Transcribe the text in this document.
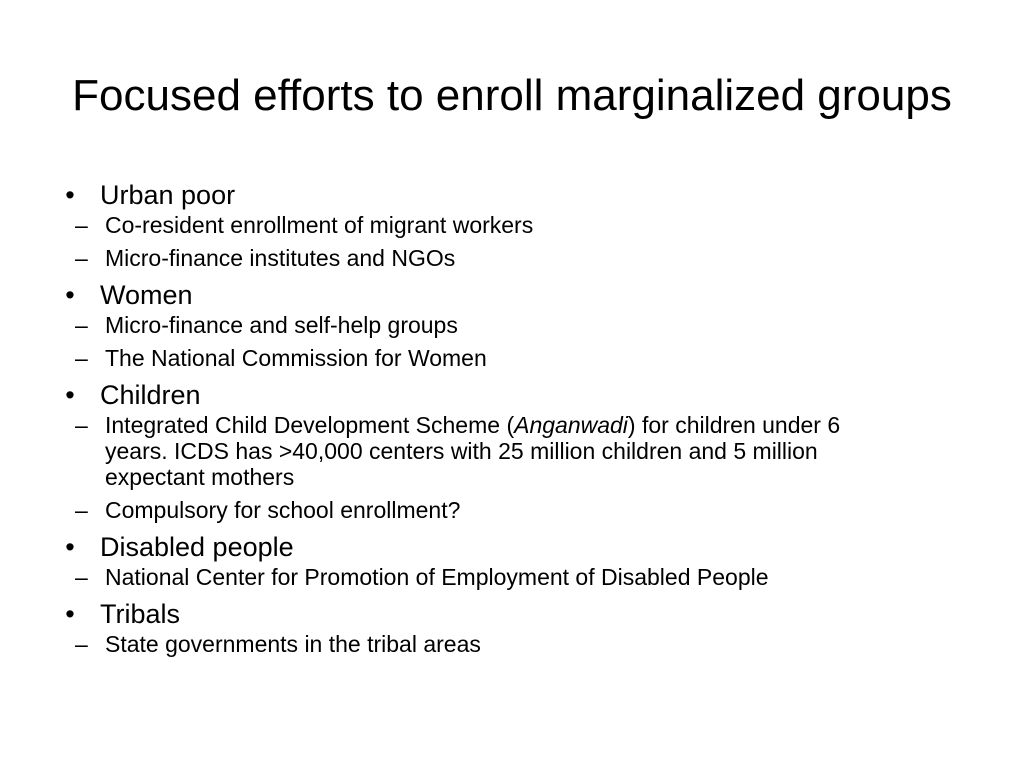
Focused efforts to enroll marginalized groups
• Urban poor
– Co-resident enrollment of migrant workers
– Micro-finance institutes and NGOs
• Women
– Micro-finance and self-help groups
– The National Commission for Women
• Children
– Integrated Child Development Scheme (Anganwadi) for children under 6 years. ICDS has >40,000 centers with 25 million children and 5 million expectant mothers
– Compulsory for school enrollment?
• Disabled people
– National Center for Promotion of Employment of Disabled People
• Tribals
– State governments in the tribal areas
